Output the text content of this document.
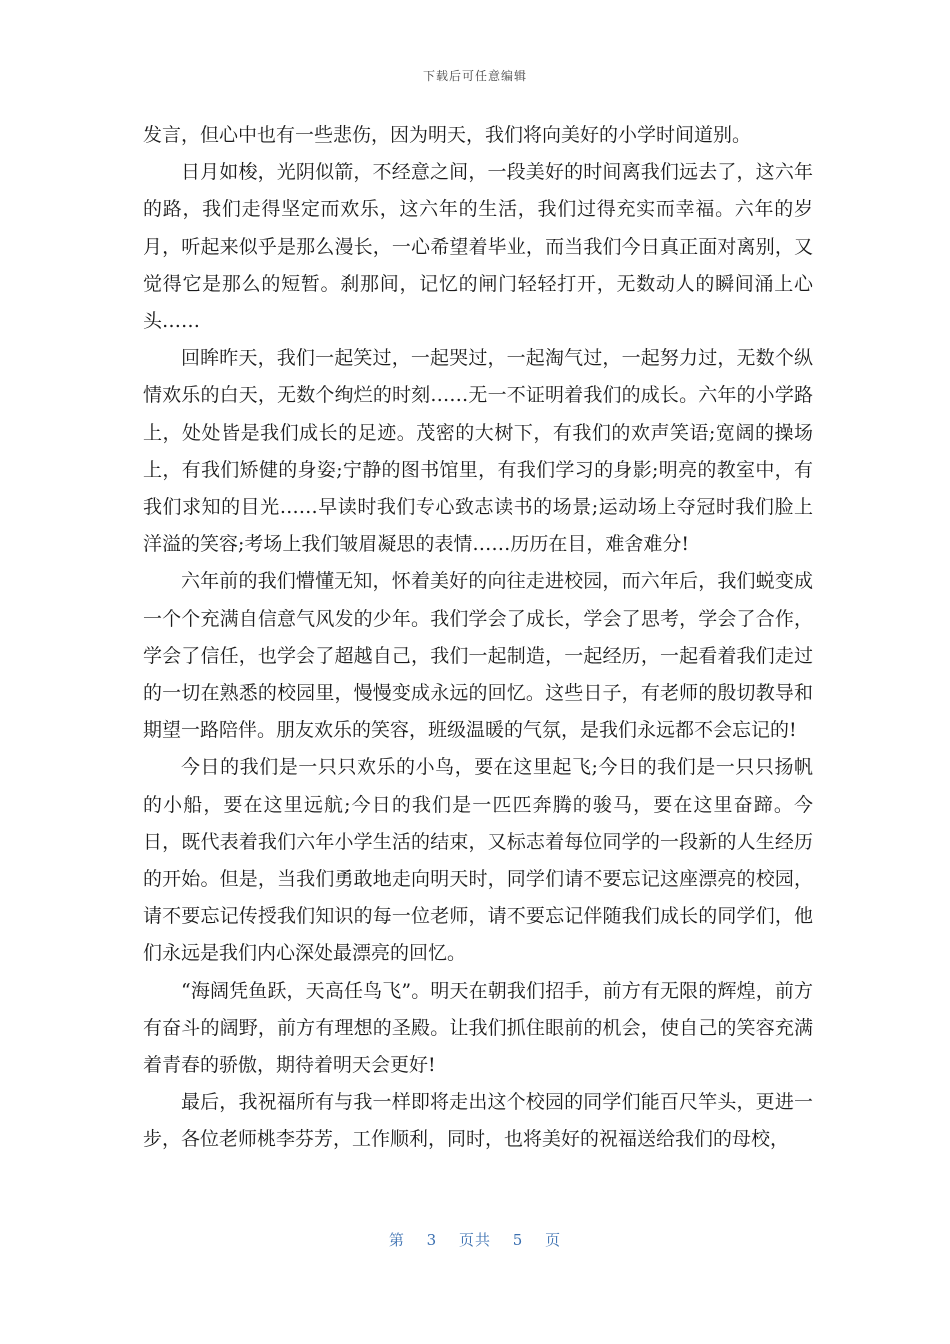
下载后可任意编辑

发言，但心中也有一些悲伤，因为明天，我们将向美好的小学时间道别。

日月如梭，光阴似箭，不经意之间，一段美好的时间离我们远去了，这六年的路，我们走得坚定而欢乐，这六年的生活，我们过得充实而幸福。六年的岁月，听起来似乎是那么漫长，一心希望着毕业，而当我们今日真正面对离别，又觉得它是那么的短暂。刹那间，记忆的闸门轻轻打开，无数动人的瞬间涌上心头……

回眸昨天，我们一起笑过，一起哭过，一起淘气过，一起努力过，无数个纵情欢乐的白天，无数个绚烂的时刻……无一不证明着我们的成长。六年的小学路上，处处皆是我们成长的足迹。茂密的大树下，有我们的欢声笑语;宽阔的操场上，有我们矫健的身姿;宁静的图书馆里，有我们学习的身影;明亮的教室中，有我们求知的目光……早读时我们专心致志读书的场景;运动场上夺冠时我们脸上洋溢的笑容;考场上我们皱眉凝思的表情……历历在目，难舍难分!

六年前的我们懵懂无知，怀着美好的向往走进校园，而六年后，我们蜕变成一个个充满自信意气风发的少年。我们学会了成长，学会了思考，学会了合作，学会了信任，也学会了超越自己，我们一起制造，一起经历，一起看着我们走过的一切在熟悉的校园里，慢慢变成永远的回忆。这些日子，有老师的殷切教导和期望一路陪伴。朋友欢乐的笑容，班级温暖的气氛，是我们永远都不会忘记的!

今日的我们是一只只欢乐的小鸟，要在这里起飞;今日的我们是一只只扬帆的小船，要在这里远航;今日的我们是一匹匹奔腾的骏马，要在这里奋蹄。今日，既代表着我们六年小学生活的结束，又标志着每位同学的一段新的人生经历的开始。但是，当我们勇敢地走向明天时，同学们请不要忘记这座漂亮的校园，请不要忘记传授我们知识的每一位老师，请不要忘记伴随我们成长的同学们，他们永远是我们内心深处最漂亮的回忆。

“海阔凭鱼跃，天高任鸟飞”。明天在朝我们招手，前方有无限的辉煌，前方有奋斗的阔野，前方有理想的圣殿。让我们抓住眼前的机会，使自己的笑容充满着青春的骄傲，期待着明天会更好!

最后，我祝福所有与我一样即将走出这个校园的同学们能百尺竿头，更进一步，各位老师桃李芬芳，工作顺利，同时，也将美好的祝福送给我们的母校，

第 3 页共 5 页
